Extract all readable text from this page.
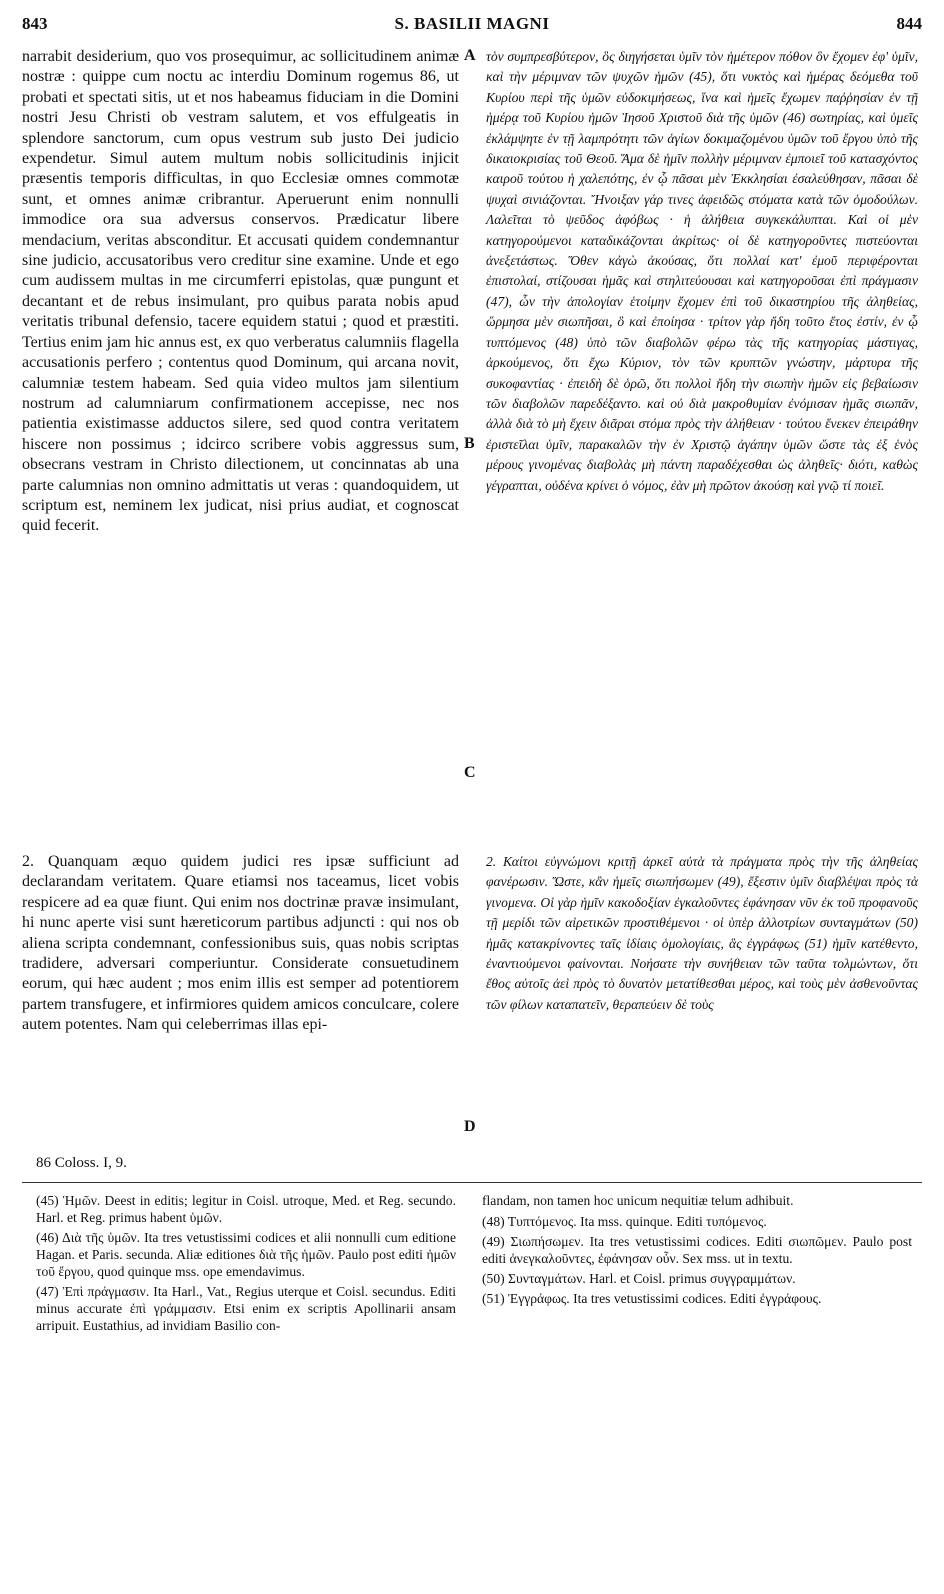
843	S. BASILII MAGNI	844

narrabit desiderium, quo vos prosequimur, ac sollicitudinem animæ nostræ : quippe cum noctu ac interdiu Dominum rogemus 86, ut probati et spectati sitis, ut et nos habeamus fiduciam in die Domini nostri Jesu Christi ob vestram salutem, et vos effulgeatis in splendore sanctorum, cum opus vestrum sub justo Dei judicio expendetur. Simul autem multum nobis sollicitudinis injicit præsentis temporis difficultas, in quo Ecclesiæ omnes commotæ sunt, et omnes animæ cribrantur. Aperuerunt enim nonnulli immodice ora sua adversus conservos. Prædicatur libere mendacium, veritas absconditur. Et accusati quidem condemnantur sine judicio, accusatoribus vero creditur sine examine. Unde et ego cum audissem multas in me circumferri epistolas, quæ pungunt et decantant et de rebus insimulant, pro quibus parata nobis apud veritatis tribunal defensio, tacere equidem statui ; quod et præstiti. Tertius enim jam hic annus est, ex quo verberatus calumniis flagella accusationis perfero ; contentus quod Dominum, qui arcana novit, calumniæ testem habeam. Sed quia video multos jam silentium nostrum ad calumniarum confirmationem accepisse, nec nos patientia existimasse adductos silere, sed quod contra veritatem hiscere non possimus ; idcirco scribere vobis aggressus sum, obsecrans vestram in Christo dilectionem, ut concinnatas ab una parte calumnias non omnino admittatis ut veras : quandoquidem, ut scriptum est, neminem lex judicat, nisi prius audiat, et cognoscat quid fecerit.

τὸν συμπρεσβύτερον, ὃς διηγήσεται ὑμῖν τὸν ἡμέτερον πόθον ὃν ἔχομεν ἐφ' ὑμῖν, καὶ τὴν μέριμναν τῶν ψυχῶν ἡμῶν (45), ὅτι νυκτὸς καὶ ἡμέρας δεόμεθα τοῦ Κυρίου περὶ τῆς ὑμῶν εὐδοκιμήσεως, ἵνα καὶ ἡμεῖς ἔχωμεν παῤῥησίαν ἐν τῇ ἡμέρᾳ τοῦ Κυρίου ἡμῶν Ἰησοῦ Χριστοῦ διὰ τῆς ὑμῶν (46) σωτηρίας, καὶ ὑμεῖς ἐκλάμψητε ἐν τῇ λαμπρότητι τῶν ἁγίων δοκιμαζομένου ὑμῶν τοῦ ἔργου ὑπὸ τῆς δικαιοκρισίας τοῦ Θεοῦ. Ἅμα δὲ ἡμῖν πολλὴν μέριμναν ἐμποιεῖ τοῦ κατασχόντος καιροῦ τούτου ἡ χαλεπότης, ἐν ᾧ πᾶσαι μὲν Ἐκκλησίαι ἐσαλεύθησαν, πᾶσαι δὲ ψυχαὶ σινιάζονται. Ἤνοιξαν γάρ τινες ἀφειδῶς στόματα κατὰ τῶν ὁμοδούλων. Λαλεῖται τὸ ψεῦδος ἀφόβως · ἡ ἀλήθεια συγκεκάλυπται. Καὶ οἱ μὲν κατηγορούμενοι καταδικάζονται ἀκρίτως· οἱ δὲ κατηγοροῦντες πιστεύονται ἀνεξετάστως. Ὅθεν κἀγὼ ἀκούσας, ὅτι πολλαί κατ' ἐμοῦ περιφέρονται ἐπιστολαί, στίζουσαι ἡμᾶς καὶ στηλιτεύουσαι καὶ κατηγοροῦσαι ἐπὶ πράγμασιν (47), ὧν τὴν ἀπολογίαν ἑτοίμην ἔχομεν ἐπὶ τοῦ δικαστηρίου τῆς ἀληθείας, ὥρμησα μὲν σιωπῆσαι, ὃ καὶ ἐποίησα · τρίτον γὰρ ἤδη τοῦτο ἔτος ἐστίν, ἐν ᾧ τυπτόμενος (48) ὑπὸ τῶν διαβολῶν φέρω τὰς τῆς κατηγορίας μάστιγας, ἀρκούμενος, ὅτι ἔχω Κύριον, τὸν τῶν κρυπτῶν γνώστην, μάρτυρα τῆς συκοφαντίας · ἐπειδὴ δὲ ὁρῶ, ὅτι πολλοὶ ἤδη τὴν σιωπὴν ἡμῶν εἰς βεβαίωσιν τῶν διαβολῶν παρεδέξαντο. καὶ οὐ διὰ μακροθυμίαν ἐνόμισαν ἡμᾶς σιωπᾶν, ἀλλὰ διὰ τὸ μὴ ἔχειν διᾶραι στόμα πρὸς τὴν ἀλήθειαν · τούτου ἕνεκεν ἐπειράθην ἐριστεῖλαι ὑμῖν, παρακαλῶν τὴν ἐν Χριστῷ ἀγάπην ὑμῶν ὥστε τὰς ἐξ ἑνὸς μέρους γινομένας διαβολὰς μὴ πάντη παραδέχεσθαι ὡς ἀληθεῖς· διότι, καθὼς γέγραπται, οὐδένα κρίνει ὁ νόμος, ἐὰν μὴ πρῶτον ἀκούσῃ καὶ γνῷ τί ποιεῖ.

2. Quanquam æquo quidem judici res ipsæ sufficiunt ad declarandam veritatem. Quare etiamsi nos taceamus, licet vobis respicere ad ea quæ fiunt. Qui enim nos doctrinæ pravæ insimulant, hi nunc aperte visi sunt hæreticorum partibus adjuncti : qui nos ob aliena scripta condemnant, confessionibus suis, quas nobis scriptas tradidere, adversari comperiuntur. Considerate consuetudinem eorum, qui hæc audent ; mos enim illis est semper ad potentiorem partem transfugere, et infirmiores quidem amicos conculcare, colere autem potentes. Nam qui celeberrimas illas epi-

2. Καίτοι εὐγνώμονι κριτῇ ἀρκεῖ αὐτὰ τὰ πράγματα πρὸς τὴν τῆς ἀληθείας φανέρωσιν. Ὥστε, κἂν ἡμεῖς σιωπήσωμεν (49), ἔξεστιν ὑμῖν διαβλέψαι πρὸς τὰ γινομενα. Οἱ γὰρ ἡμῖν κακοδοξίαν ἐγκαλοῦντες ἐφάνησαν νῦν ἐκ τοῦ προφανοῦς τῇ μερίδι τῶν αἱρετικῶν προστιθέμενοι · οἱ ὑπὲρ ἀλλοτρίων συνταγμάτων (50) ἡμᾶς κατακρίνοντες ταῖς ἰδίαις ὁμολογίαις, ἃς ἐγγράφως (51) ἡμῖν κατέθεντο, ἐναντιούμενοι φαίνονται. Νοήσατε τὴν συνήθειαν τῶν ταῦτα τολμώντων, ὅτι ἔθος αὐτοῖς ἀεὶ πρὸς τὸ δυνατὸν μετατίθεσθαι μέρος, καὶ τοὺς μὲν ἀσθενοῦντας τῶν φίλων καταπατεῖν, θεραπεύειν δὲ τοὺς

A
B
C
D
86 Coloss. I, 9.

(45) Ἡμῶν. Deest in editis; legitur in Coisl. utroque, Med. et Reg. secundo. Harl. et Reg. primus habent ὑμῶν.

(46) Διὰ τῆς ὑμῶν. Ita tres vetustissimi codices et alii nonnulli cum editione Hagan. et Paris. secunda. Aliæ editiones διὰ τῆς ἡμῶν. Paulo post editi ἡμῶν τοῦ ἔργου, quod quinque mss. ope emendavimus.

(47) Ἐπὶ πράγμασιν. Ita Harl., Vat., Regius uterque et Coisl. secundus. Editi minus accurate ἐπὶ γράμμασιν. Etsi enim ex scriptis Apollinarii ansam arripuit. Eustathius, ad invidiam Basilio con-

flandam, non tamen hoc unicum nequitiæ telum adhibuit.

(48) Τυπτόμενος. Ita mss. quinque. Editi τυπόμενος.

(49) Σιωπήσωμεν. Ita tres vetustissimi codices. Editi σιωπῶμεν. Paulo post editi ἀνεγκαλοῦντες, ἐφάνησαν οὖν. Sex mss. ut in textu.

(50) Συνταγμάτων. Harl. et Coisl. primus συγγραμμάτων.

(51) Ἐγγράφως. Ita tres vetustissimi codices. Editi ἐγγράφους.
